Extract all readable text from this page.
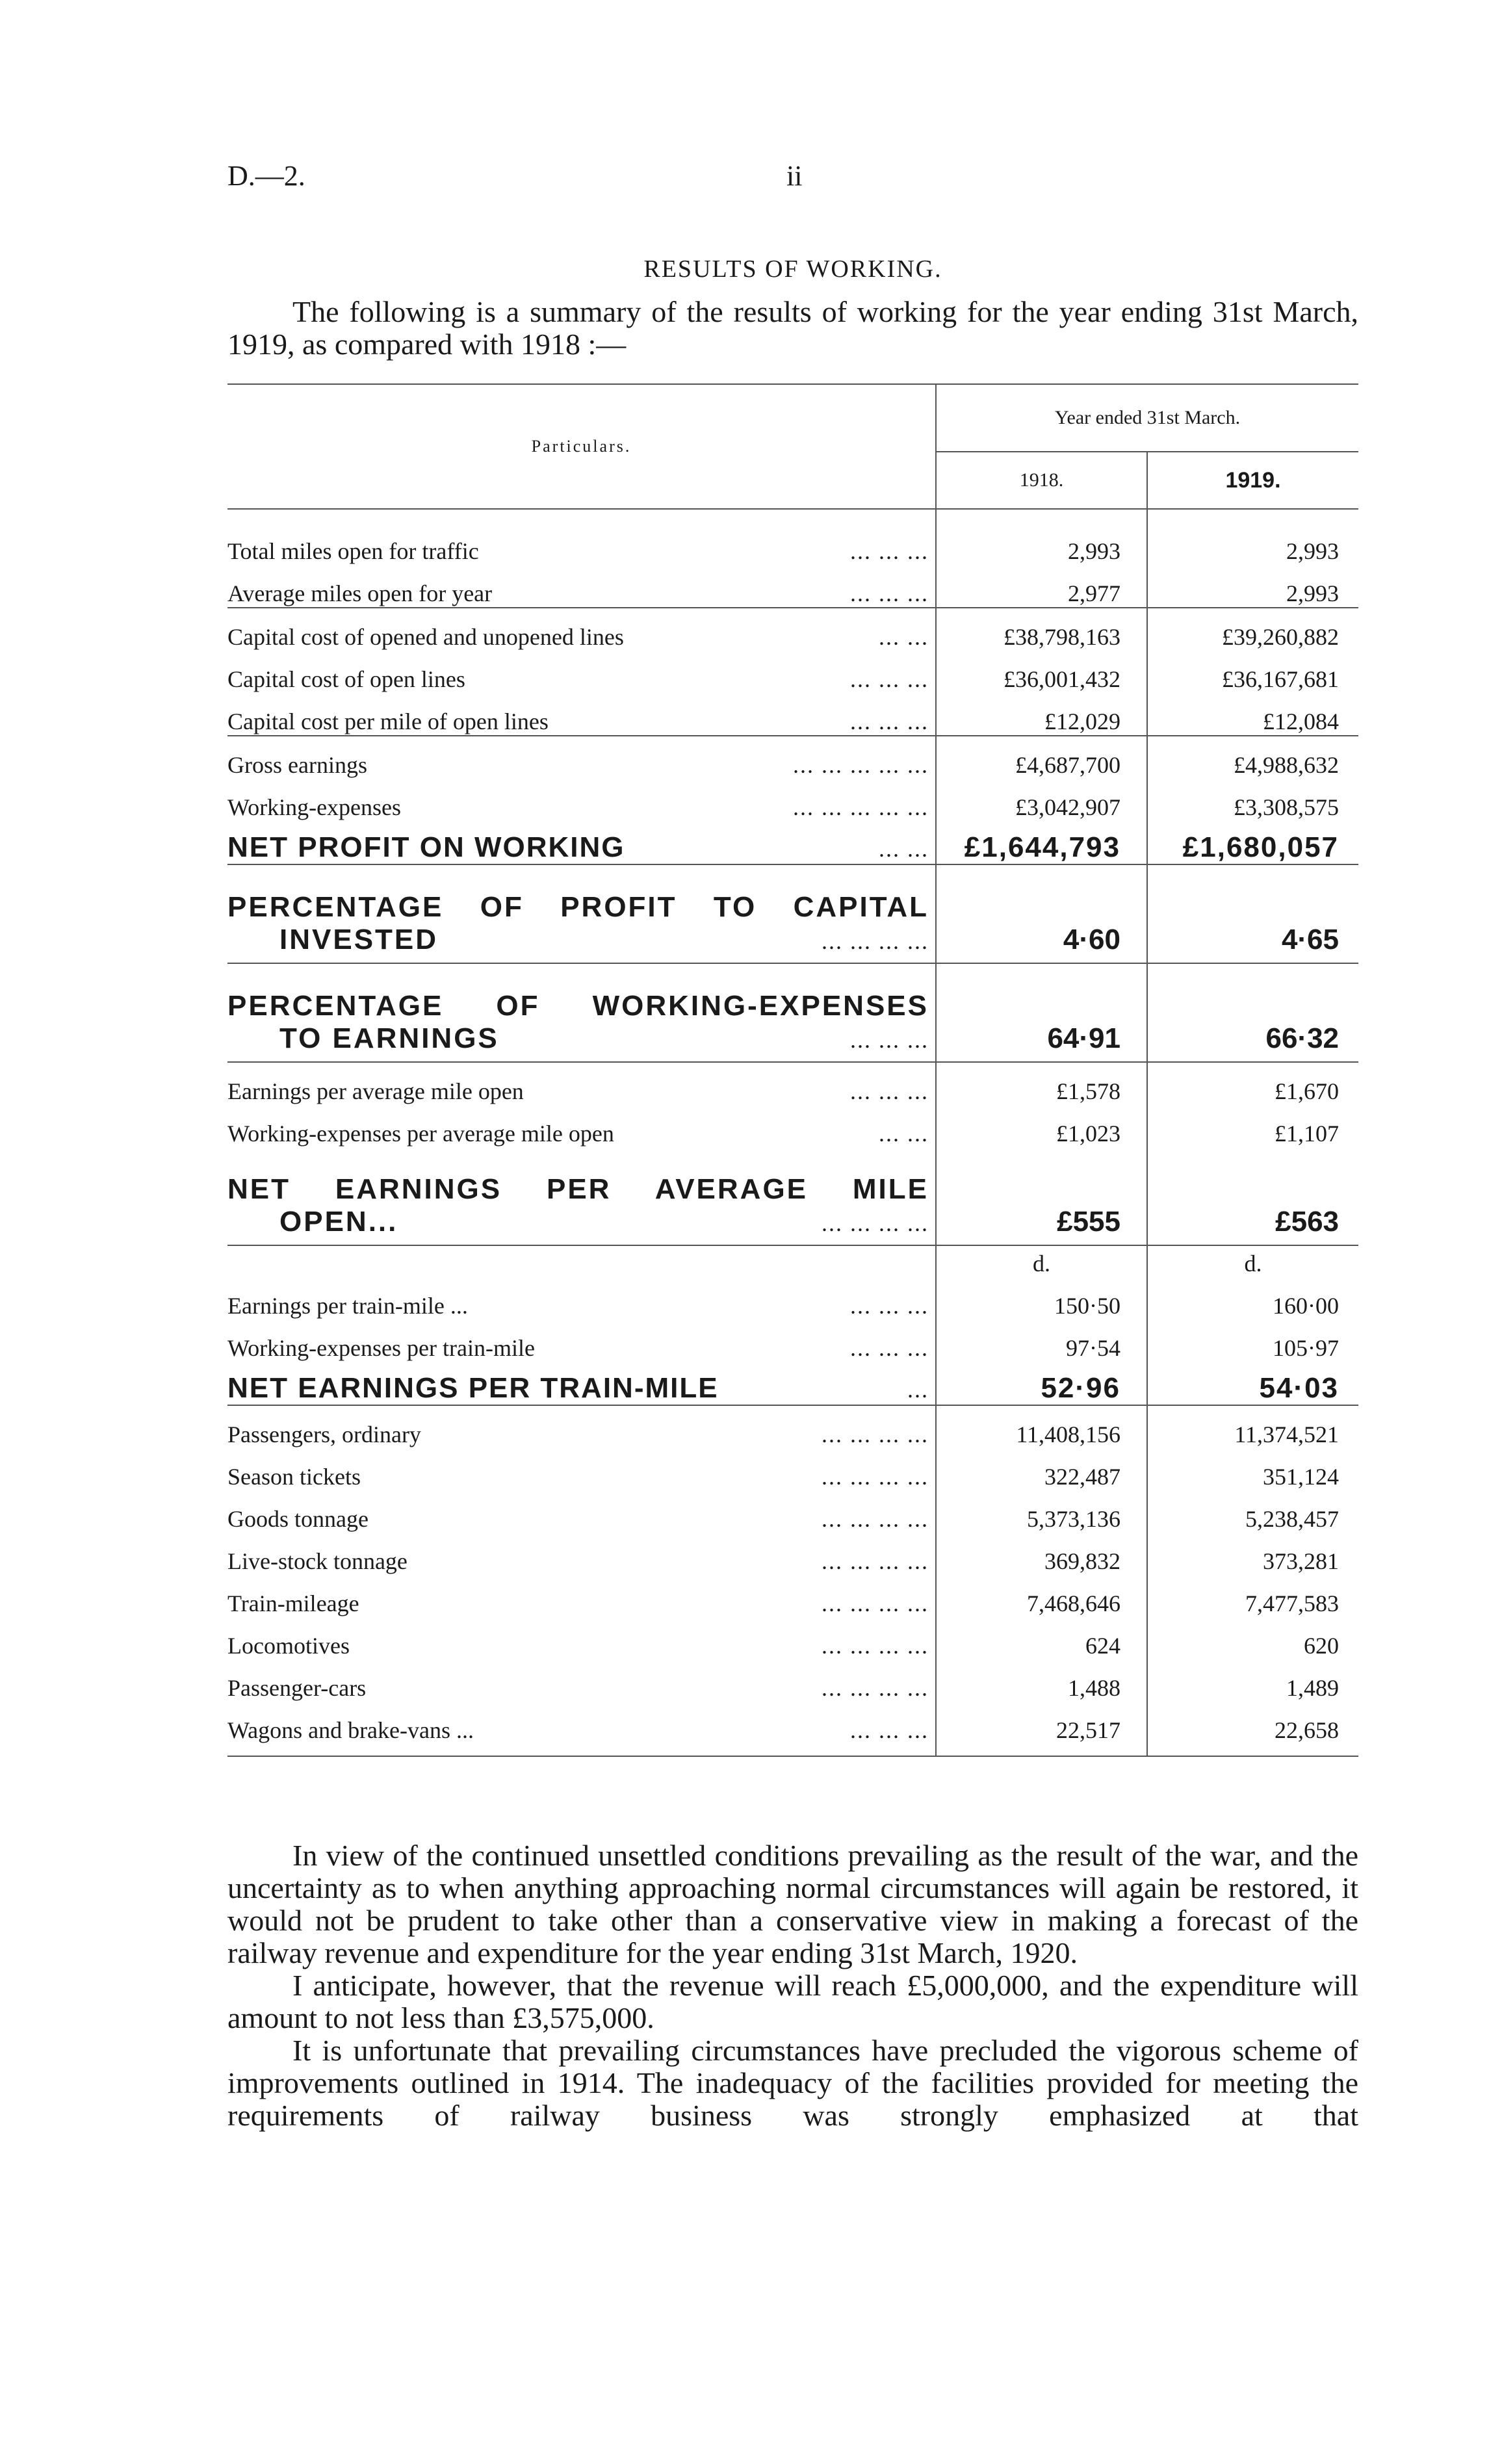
D.—2.	ii
RESULTS OF WORKING.
The following is a summary of the results of working for the year ending 31st March, 1919, as compared with 1918 :—
Particulars.	Year ended 31st March.	
	1918.	1919.

Total miles open for traffic ... ... ...	2,993	2,993

Average miles open for year ... ... ...	2,977	2,993

Capital cost of opened and unopened lines ... ...	£38,798,163	£39,260,882

Capital cost of open lines ... ... ...	£36,001,432	£36,167,681

Capital cost per mile of open lines ... ... ...	£12,029	£12,084

Gross earnings ... ... ... ... ...	£4,687,700	£4,988,632

Working-expenses ... ... ... ... ...	£3,042,907	£3,308,575

NET PROFIT ON WORKING ... ...	£1,644,793	£1,680,057

PERCENTAGE OF PROFIT TO CAPITAL
INVESTED ... ... ... ...	4·60	4·65

PERCENTAGE OF WORKING-EXPENSES
TO EARNINGS ... ... ...	64·91	66·32

Earnings per average mile open ... ... ...	£1,578	£1,670

Working-expenses per average mile open ... ...	£1,023	£1,107

NET EARNINGS PER AVERAGE MILE
OPEN... ... ... ... ...	£555	£563
	d.	d.

Earnings per train-mile ... ... ... ...	150·50	160·00

Working-expenses per train-mile ... ... ...	97·54	105·97

NET EARNINGS PER TRAIN-MILE ...	52·96	54·03

Passengers, ordinary ... ... ... ...	11,408,156	11,374,521

Season tickets ... ... ... ...	322,487	351,124

Goods tonnage ... ... ... ...	5,373,136	5,238,457

Live-stock tonnage ... ... ... ...	369,832	373,281

Train-mileage ... ... ... ...	7,468,646	7,477,583

Locomotives ... ... ... ...	624	620

Passenger-cars ... ... ... ...	1,488	1,489

Wagons and brake-vans ... ... ... ...	22,517	22,658

In view of the continued unsettled conditions prevailing as the result of the war, and the uncertainty as to when anything approaching normal circumstances will again be restored, it would not be prudent to take other than a conservative view in making a forecast of the railway revenue and expenditure for the year ending 31st March, 1920.

I anticipate, however, that the revenue will reach £5,000,000, and the expenditure will amount to not less than £3,575,000.

It is unfortunate that prevailing circumstances have precluded the vigorous scheme of improvements outlined in 1914. The inadequacy of the facilities provided for meeting the requirements of railway business was strongly emphasized at that
